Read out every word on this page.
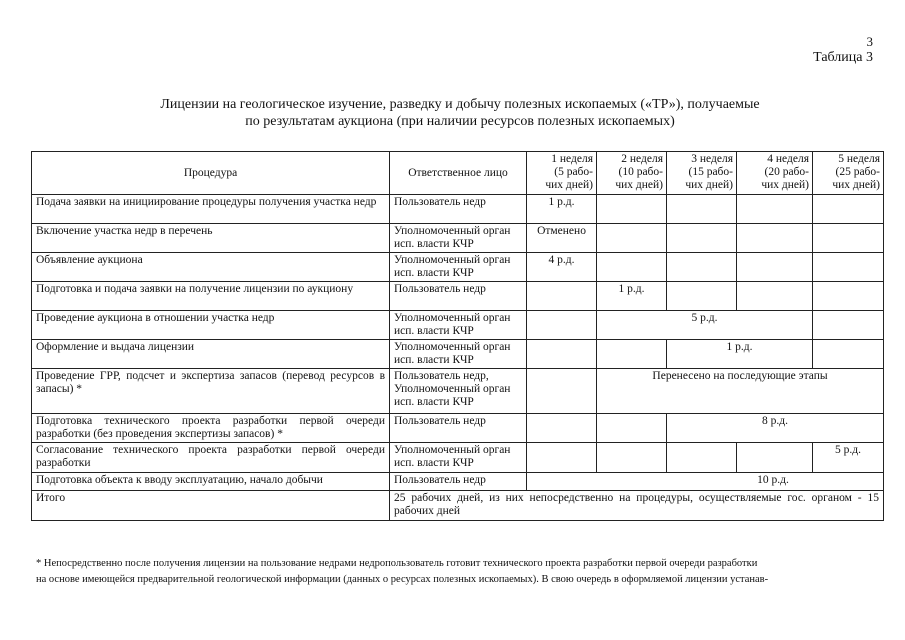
3
Таблица 3
Лицензии на геологическое изучение, разведку и добычу полезных ископаемых («ТР»), получаемые
по результатам аукциона (при наличии ресурсов полезных ископаемых)
Процедура	Ответственное лицо	1 неделя
(5 рабо-
чих дней)	2 неделя
(10 рабо-
чих дней)	3 неделя
(15 рабо-
чих дней)	4 неделя
(20 рабо-
чих дней)	5 неделя
(25 рабо-
чих дней)

Подача заявки на инициирование процедуры получения участка недр	Пользователь недр	1 р.д.				
Включение участка недр в перечень	Уполномоченный орган исп. власти КЧР	Отменено				
Объявление аукциона	Уполномоченный орган исп. власти КЧР	4 р.д.				
Подготовка и подача заявки на получение лицензии по аукциону	Пользователь недр		1 р.д.			
Проведение аукциона в отношении участка недр	Уполномоченный орган исп. власти КЧР		5 р.д.			
Оформление и выдача лицензии	Уполномоченный орган исп. власти КЧР			1 р.д.		
Проведение ГРР, подсчет и экспертиза запасов (перевод ресурсов в запасы) *	Пользователь недр,
Уполномоченный орган исп. власти КЧР		Перенесено на последующие этапы			
Подготовка технического проекта разработки первой очереди разработки (без проведения экспертизы запасов) *	Пользователь недр			8 р.д.		
Согласование технического проекта разработки первой очереди разработки	Уполномоченный орган исп. власти КЧР					5 р.д.
Подготовка объекта к вводу эксплуатацию, начало добычи	Пользователь недр	10 р.д.				
Итого	25 рабочих дней, из них непосредственно на процедуры, осуществляемые гос. органом - 15 рабочих дней					
* Непосредственно после получения лицензии на пользование недрами недропользователь готовит технического проекта разработки первой очереди разработки
на основе имеющейся предварительной геологической информации (данных о ресурсах полезных ископаемых). В свою очередь в оформляемой лицензии устанав-
